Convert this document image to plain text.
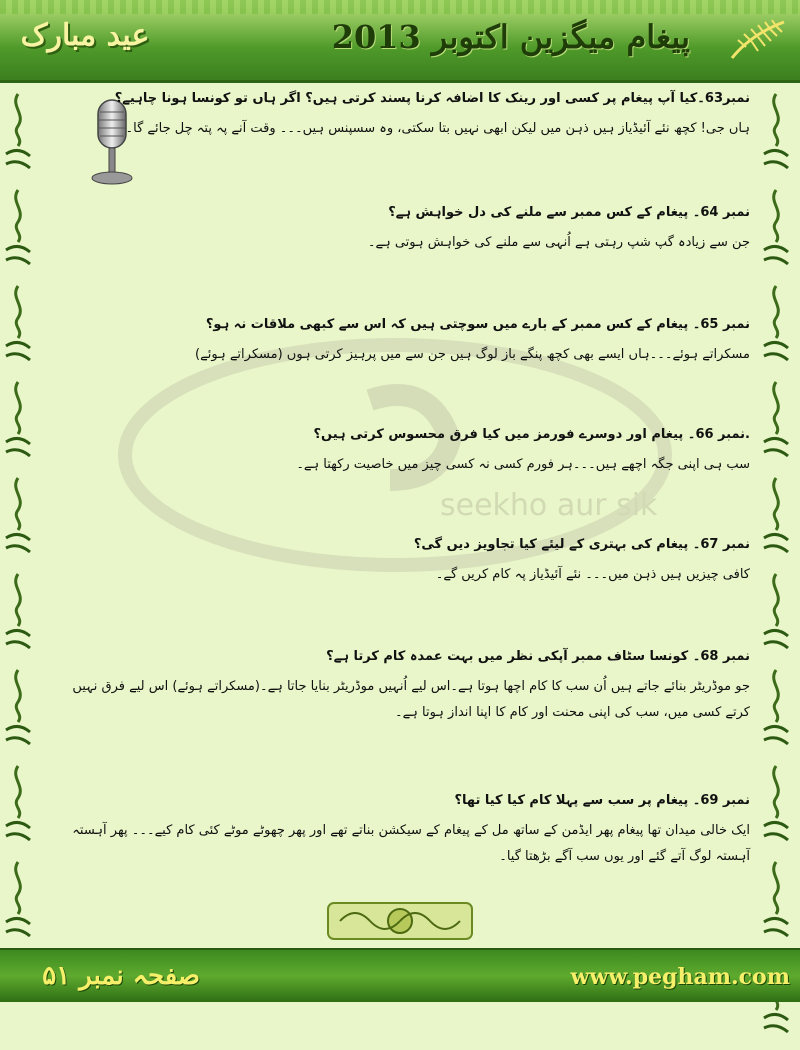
عید مبارک	پیغام میگزین اکتوبر 2013

seekho aur sik
نمبر63۔کیا آپ پیغام پر کسی اور رینک کا اضافہ کرنا پسند کرتی ہیں؟ اگر ہاں تو کونسا ہونا چاہیے؟
ہاں جی! کچھ نئے آئیڈیاز ہیں ذہن میں لیکن ابھی نہیں بتا سکتی، وہ سسپنس ہیں۔۔۔ وقت آنے پہ پتہ چل جائے گا۔
نمبر 64۔ پیغام کے کس ممبر سے ملنے کی دل خواہش ہے؟
جن سے زیادہ گپ شپ رہتی ہے اُنہی سے ملنے کی خواہش ہوتی ہے۔
نمبر 65۔ پیغام کے کس ممبر کے بارے میں سوچتی ہیں کہ اس سے کبھی ملاقات نہ ہو؟
مسکراتے ہوئے۔۔۔ہاں ایسے بھی کچھ پنگے باز لوگ ہیں جن سے میں پرہیز کرتی ہوں (مسکراتے ہوئے)
.نمبر 66۔ پیغام اور دوسرے فورمز میں کیا فرق محسوس کرتی ہیں؟
سب ہی اپنی جگہ اچھے ہیں۔۔۔ہر فورم کسی نہ کسی چیز میں خاصیت رکھتا ہے۔
نمبر 67۔ پیغام کی بہتری کے لیئے کیا تجاویز دیں گی؟
کافی چیزیں ہیں ذہن میں۔۔۔ نئے آئیڈیاز پہ کام کریں گے۔
نمبر 68۔ کونسا سٹاف ممبر آپکی نظر میں بہت عمدہ کام کرتا ہے؟
جو موڈریٹر بنائے جاتے ہیں اُن سب کا کام اچھا ہوتا ہے۔اس لیے اُنہیں موڈریٹر بنایا جاتا ہے۔(مسکراتے ہوئے) اس لیے فرق نہیں کرتے کسی میں، سب کی اپنی محنت اور کام کا اپنا انداز ہوتا ہے۔
نمبر 69۔ پیغام پر سب سے پہلا کام کیا کیا تھا؟
ایک خالی میدان تھا پیغام پھر ایڈمن کے ساتھ مل کے پیغام کے سیکشن بناتے تھے اور پھر چھوٹے موٹے کئی کام کیے۔۔۔ پھر آہستہ آہستہ لوگ آتے گئے اور یوں سب آگے بڑھتا گیا۔
صفحہ نمبر ۵۱	www.pegham.com
